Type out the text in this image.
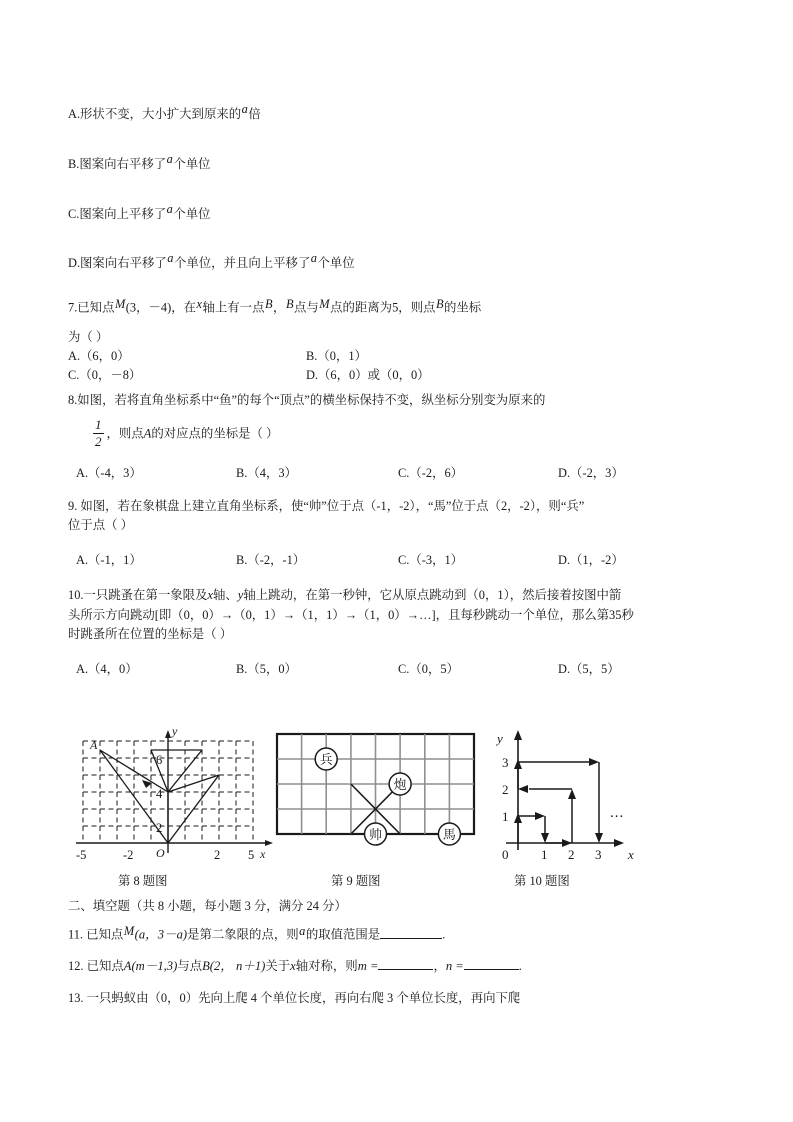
A.形状不变，大小扩大到原来的a倍

B.图案向右平移了a个单位

C.图案向上平移了a个单位

D.图案向右平移了a个单位，并且向上平移了a个单位

7.已知点M(3，－4)，在x轴上有一点B，B点与M点的距离为5，则点B的坐标

为（ ）

A.（6，0）	B.（0，1）
C.（0，－8）	D.（6，0）或（0，0）

8.如图，若将直角坐标系中“鱼”的每个“顶点”的横坐标保持不变，纵坐标分别变为原来的

$\frac{1}{2}$ ，则点A的对应点的坐标是（ ）

A.（-4，3）	B.（4，3）	C.（-2，6）	D.（-2，3）

9. 如图，若在象棋盘上建立直角坐标系，使“帅”位于点（-1，-2），“馬”位于点（2，-2），则“兵”

位于点（ ）

A.（-1，1）	B.（-2，-1）	C.（-3，1）	D.（1，-2）

10.一只跳蚤在第一象限及x轴、y轴上跳动，在第一秒钟，它从原点跳动到（0，1），然后接着按图中箭

头所示方向跳动[即（0，0）→（0，1）→（1，1）→（1，0）→…]，且每秒跳动一个单位，那么第35秒

时跳蚤所在位置的坐标是（ ）

A.（4，0）	B.（5，0）	C.（0，5）	D.（5，5）
A
y
x
O
-5	-2	2 5
6
4
2
第 8 题图
兵
炮
帅	馬
第 9 题图
0	1 2 3
1
2
3
y
x
...
第 10 题图
二、填空题（共 8 小题，每小题 3 分，满分 24 分）

11. 已知点M(a，3－a)是第二象限的点，则a的取值范围是	.

12. 已知点A(m－1,3)与点B(2， n＋1)关于x轴对称，则m =	，n =	.

13. 一只蚂蚁由（0，0）先向上爬 4 个单位长度，再向右爬 3 个单位长度，再向下爬
